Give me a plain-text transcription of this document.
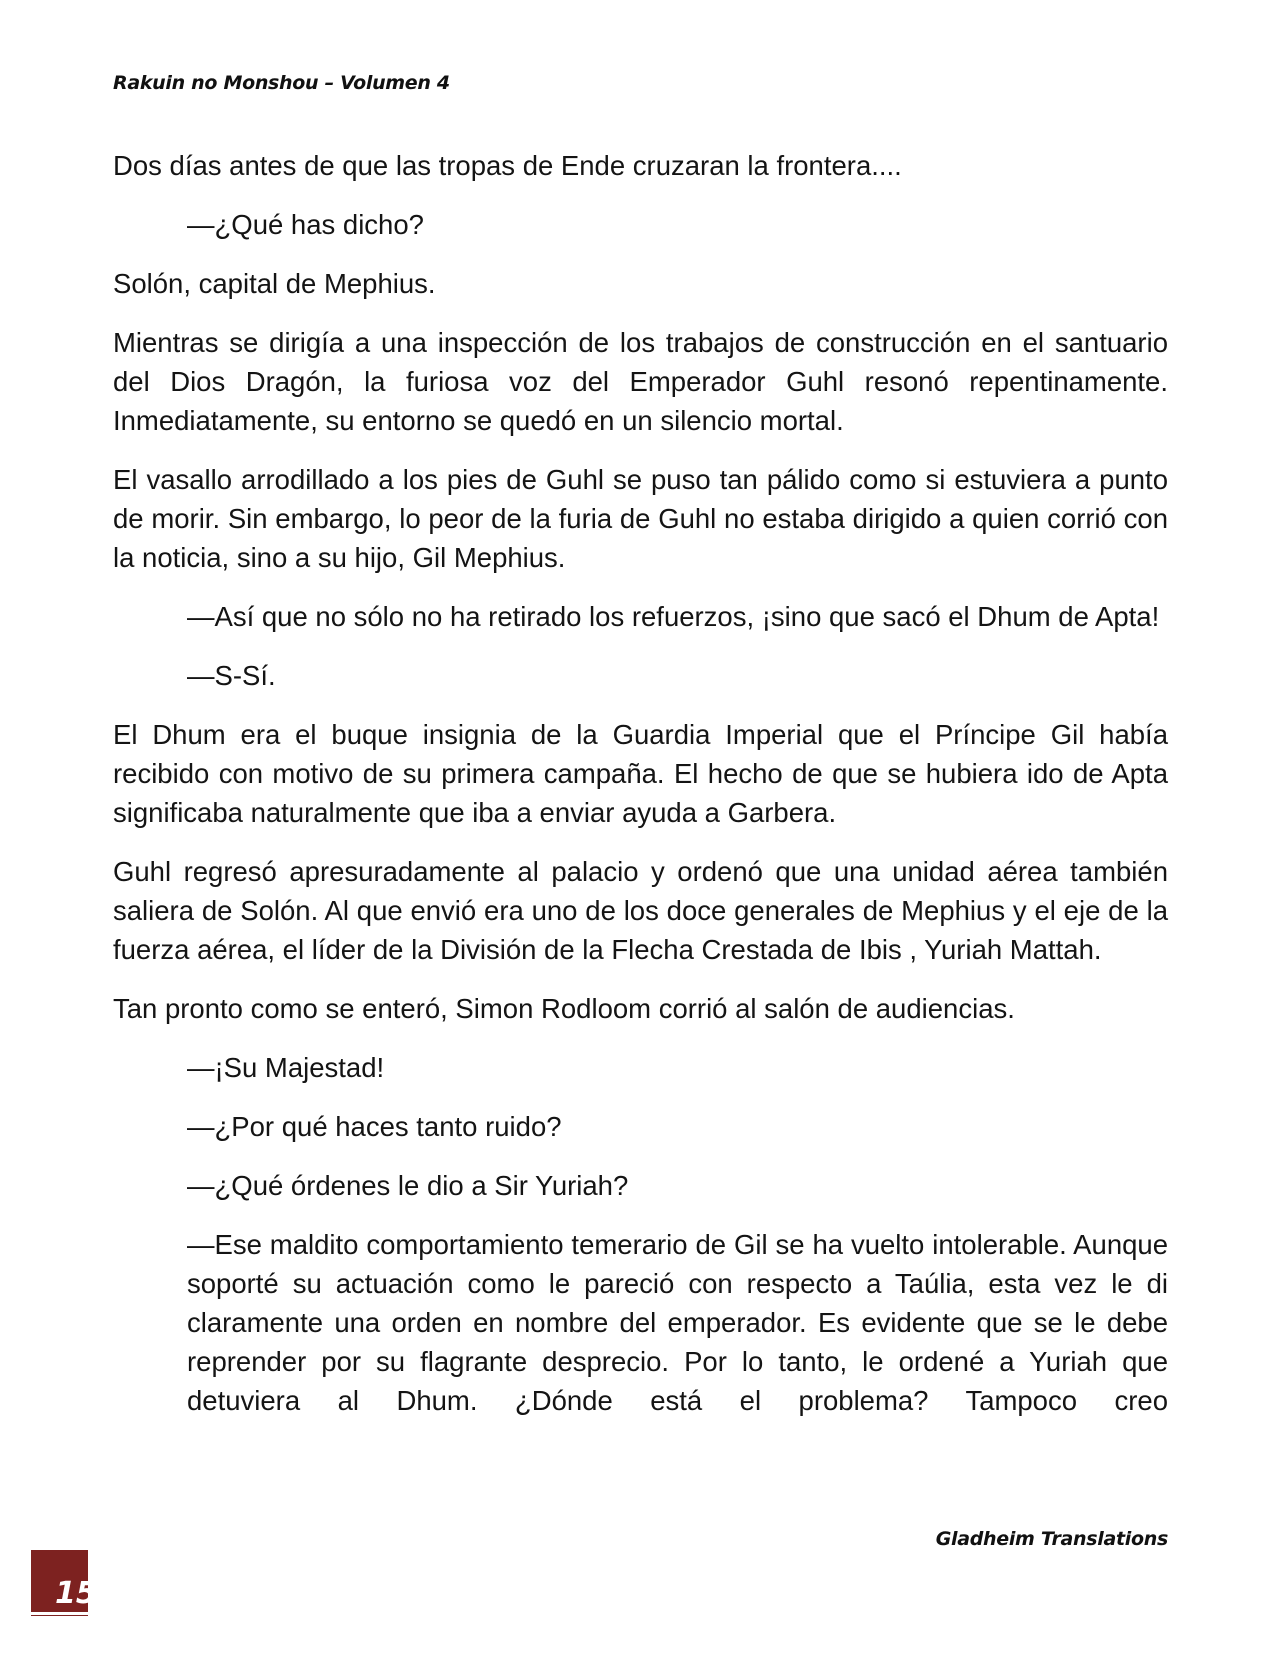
Rakuin no Monshou – Volumen 4

Dos días antes de que las tropas de Ende cruzaran la frontera....

—¿Qué has dicho?

Solón, capital de Mephius.

Mientras se dirigía a una inspección de los trabajos de construcción en el santuario del Dios Dragón, la furiosa voz del Emperador Guhl resonó repentinamente. Inmediatamente, su entorno se quedó en un silencio mortal.

El vasallo arrodillado a los pies de Guhl se puso tan pálido como si estuviera a punto de morir. Sin embargo, lo peor de la furia de Guhl no estaba dirigido a quien corrió con la noticia, sino a su hijo, Gil Mephius.

—Así que no sólo no ha retirado los refuerzos, ¡sino que sacó el Dhum de Apta!

—S-Sí.

El Dhum era el buque insignia de la Guardia Imperial que el Príncipe Gil había recibido con motivo de su primera campaña. El hecho de que se hubiera ido de Apta significaba naturalmente que iba a enviar ayuda a Garbera.

Guhl regresó apresuradamente al palacio y ordenó que una unidad aérea también saliera de Solón. Al que envió era uno de los doce generales de Mephius y el eje de la fuerza aérea, el líder de la División de la Flecha Crestada de Ibis , Yuriah Mattah.

Tan pronto como se enteró, Simon Rodloom corrió al salón de audiencias.

—¡Su Majestad!

—¿Por qué haces tanto ruido?

—¿Qué órdenes le dio a Sir Yuriah?

—Ese maldito comportamiento temerario de Gil se ha vuelto intolerable. Aunque soporté su actuación como le pareció con respecto a Taúlia, esta vez le di claramente una orden en nombre del emperador. Es evidente que se le debe reprender por su flagrante desprecio. Por lo tanto, le ordené a Yuriah que detuviera al Dhum. ¿Dónde está el problema? Tampoco creo

Gladheim Translations
15
